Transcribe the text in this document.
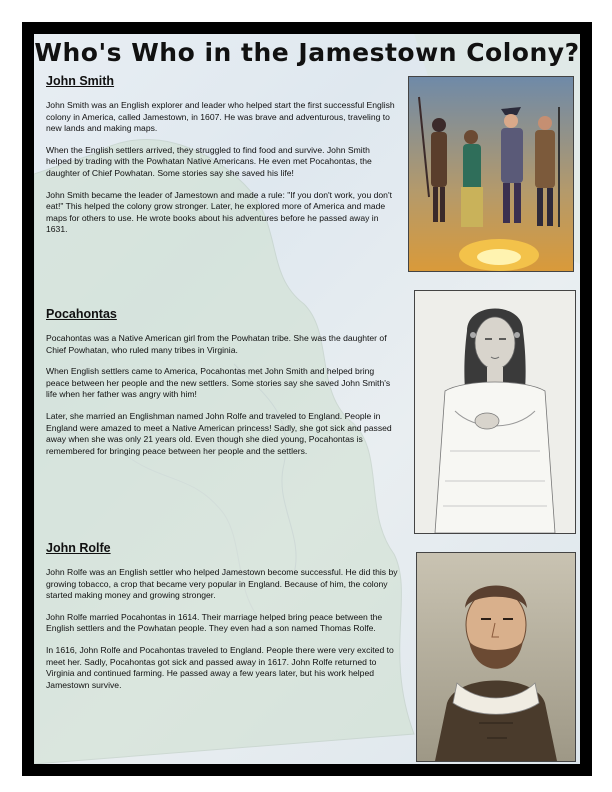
Who's Who in the Jamestown Colony?
John Smith

John Smith was an English explorer and leader who helped start the first successful English colony in America, called Jamestown, in 1607. He was brave and adventurous, traveling to new lands and making maps.

When the English settlers arrived, they struggled to find food and survive. John Smith helped by trading with the Powhatan Native Americans. He even met Pocahontas, the daughter of Chief Powhatan. Some stories say she saved his life!

John Smith became the leader of Jamestown and made a rule: "If you don't work, you don't eat!" This helped the colony grow stronger. Later, he explored more of America and made maps for others to use. He wrote books about his adventures before he passed away in 1631.

Pocahontas

Pocahontas was a Native American girl from the Powhatan tribe. She was the daughter of Chief Powhatan, who ruled many tribes in Virginia.

When English settlers came to America, Pocahontas met John Smith and helped bring peace between her people and the new settlers. Some stories say she saved John Smith's life when her father was angry with him!

Later, she married an Englishman named John Rolfe and traveled to England. People in England were amazed to meet a Native American princess! Sadly, she got sick and passed away when she was only 21 years old. Even though she died young, Pocahontas is remembered for bringing peace between her people and the settlers.

John Rolfe

John Rolfe was an English settler who helped Jamestown become successful. He did this by growing tobacco, a crop that became very popular in England. Because of him, the colony started making money and growing stronger.

John Rolfe married Pocahontas in 1614. Their marriage helped bring peace between the English settlers and the Powhatan people. They even had a son named Thomas Rolfe.

In 1616, John Rolfe and Pocahontas traveled to England. People there were very excited to meet her. Sadly, Pocahontas got sick and passed away in 1617. John Rolfe returned to Virginia and continued farming. He passed away a few years later, but his work helped Jamestown survive.
